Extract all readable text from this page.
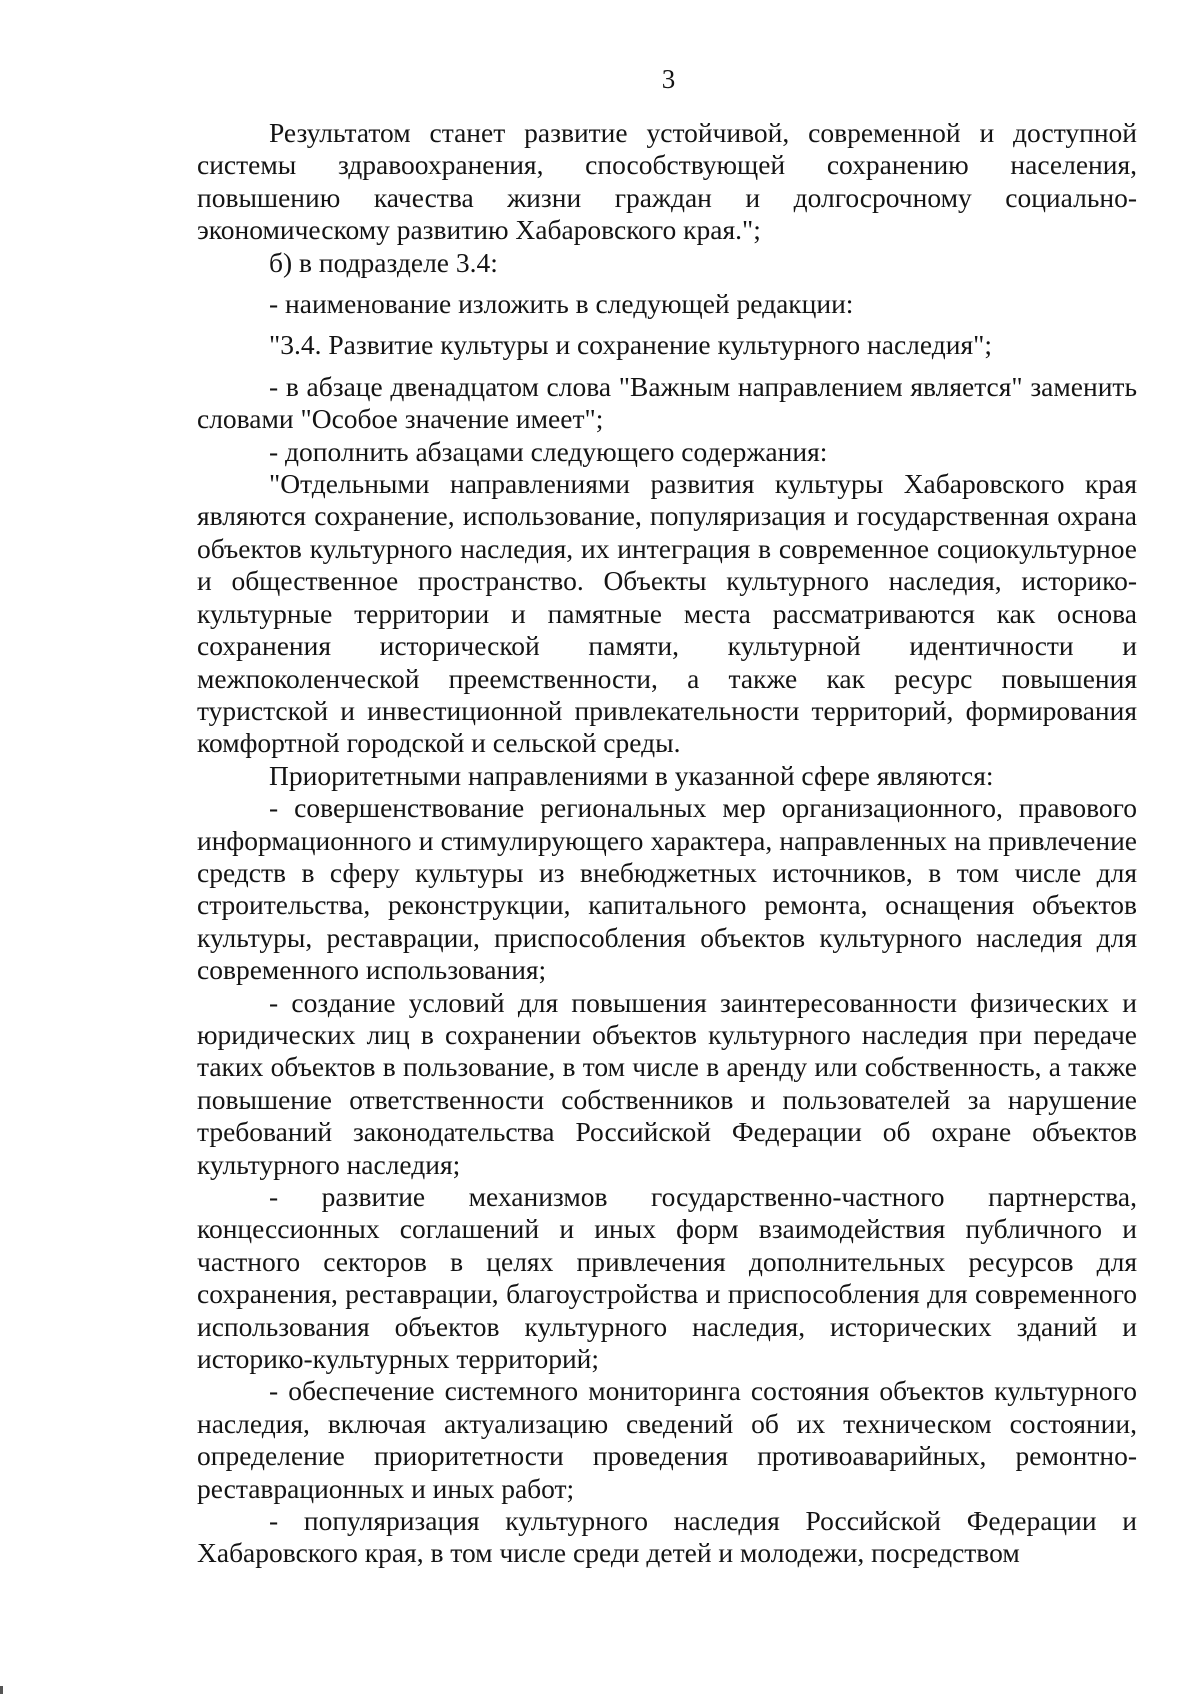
3

Результатом станет развитие устойчивой, современной и доступной системы здравоохранения, способствующей сохранению населения, повышению качества жизни граждан и долгосрочному социально-экономическому развитию Хабаровского края.";

б) в подразделе 3.4:

- наименование изложить в следующей редакции:

"3.4. Развитие культуры и сохранение культурного наследия";

- в абзаце двенадцатом слова "Важным направлением является" заменить словами "Особое значение имеет";

- дополнить абзацами следующего содержания:

"Отдельными направлениями развития культуры Хабаровского края являются сохранение, использование, популяризация и государственная охрана объектов культурного наследия, их интеграция в современное социокультурное и общественное пространство. Объекты культурного наследия, историко-культурные территории и памятные места рассматриваются как основа сохранения исторической памяти, культурной идентичности и межпоколенческой преемственности, а также как ресурс повышения туристской и инвестиционной привлекательности территорий, формирования комфортной городской и сельской среды.

Приоритетными направлениями в указанной сфере являются:

- совершенствование региональных мер организационного, правового информационного и стимулирующего характера, направленных на привлечение средств в сферу культуры из внебюджетных источников, в том числе для строительства, реконструкции, капитального ремонта, оснащения объектов культуры, реставрации, приспособления объектов культурного наследия для современного использования;

- создание условий для повышения заинтересованности физических и юридических лиц в сохранении объектов культурного наследия при передаче таких объектов в пользование, в том числе в аренду или собственность, а также повышение ответственности собственников и пользователей за нарушение требований законодательства Российской Федерации об охране объектов культурного наследия;

- развитие механизмов государственно-частного партнерства, концессионных соглашений и иных форм взаимодействия публичного и частного секторов в целях привлечения дополнительных ресурсов для сохранения, реставрации, благоустройства и приспособления для современного использования объектов культурного наследия, исторических зданий и историко-культурных территорий;

- обеспечение системного мониторинга состояния объектов культурного наследия, включая актуализацию сведений об их техническом состоянии, определение приоритетности проведения противоаварийных, ремонтно-реставрационных и иных работ;

- популяризация культурного наследия Российской Федерации и Хабаровского края, в том числе среди детей и молодежи, посредством
